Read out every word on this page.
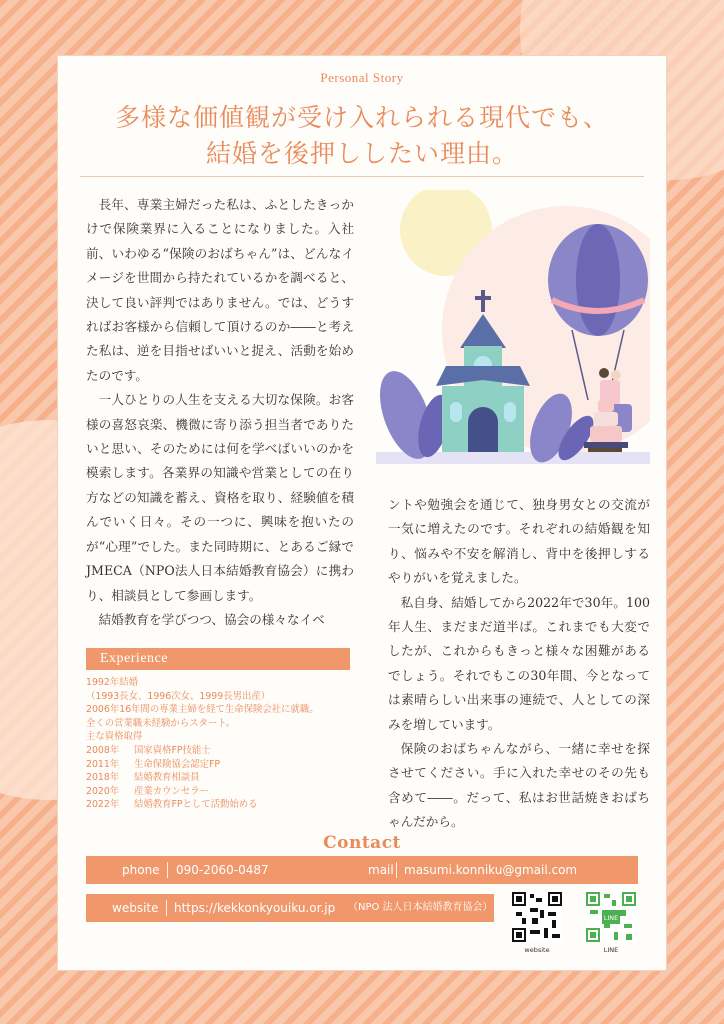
Personal Story
多様な価値観が受け入れられる現代でも、
結婚を後押ししたい理由。

長年、専業主婦だった私は、ふとしたきっかけで保険業界に入ることになりました。入社前、いわゆる“保険のおばちゃん”は、どんなイメージを世間から持たれているかを調べると、決して良い評判ではありません。では、どうすればお客様から信頼して頂けるのか――と考えた私は、逆を目指せばいいと捉え、活動を始めたのです。

一人ひとりの人生を支える大切な保険。お客様の喜怒哀楽、機微に寄り添う担当者でありたいと思い、そのためには何を学べばいいのかを模索します。各業界の知識や営業としての在り方などの知識を蓄え、資格を取り、経験値を積んでいく日々。その一つに、興味を抱いたのが“心理”でした。また同時期に、とあるご縁でJMECA（NPO法人日本結婚教育協会）に携わり、相談員として参画します。

結婚教育を学びつつ、協会の様々なイベ

ントや勉強会を通じて、独身男女との交流が一気に増えたのです。それぞれの結婚観を知り、悩みや不安を解消し、背中を後押しするやりがいを覚えました。

私自身、結婚してから2022年で30年。100年人生、まだまだ道半ば。これまでも大変でしたが、これからもきっと様々な困難があるでしょう。それでもこの30年間、今となっては素晴らしい出来事の連続で、人としての深みを増しています。

保険のおばちゃんながら、一緒に幸せを探させてください。手に入れた幸せのその先も含めて――。だって、私はお世話焼きおばちゃんだから。

Experience
1992年結婚
（1993長女、1996次女、1999長男出産）
2006年16年間の専業主婦を経て生命保険会社に就職。
全くの営業職未経験からスタート。
主な資格取得
2008年 国家資格FP技能士
2011年 生命保険協会認定FP
2018年 結婚教育相談員
2020年 産業カウンセラー
2022年 結婚教育FPとして活動始める
Contact
phone 090-2060-0487	mail masumi.konniku@gmail.com
website https://kekkonkyouiku.or.jp （NPO 法人日本結婚教育協会）
website
LINE
LINE
